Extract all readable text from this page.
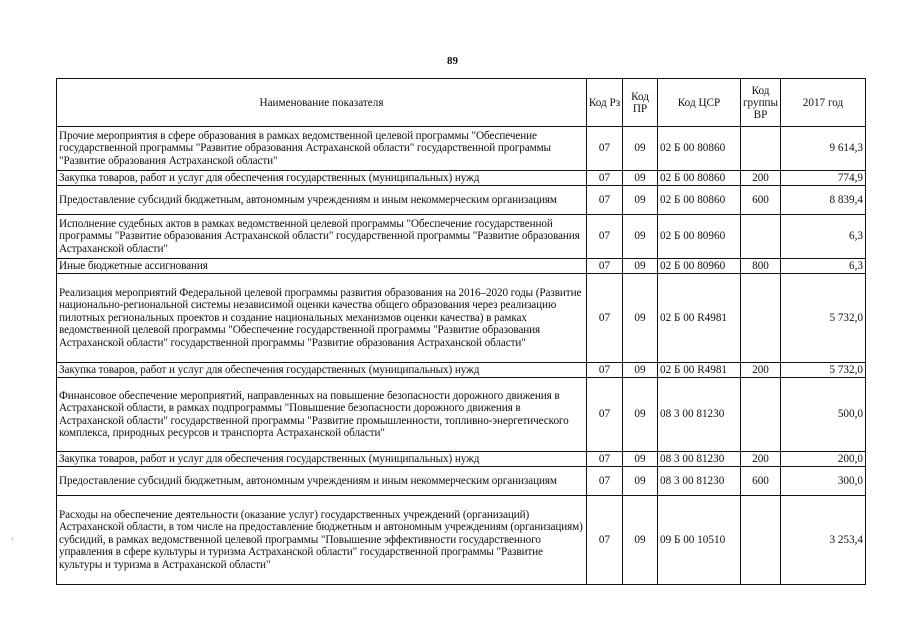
89
·
Наименование показателя	Код Рз	Код ПР	Код ЦСР	Код группы ВР	2017 год
Прочие мероприятия в сфере образования в рамках ведомственной целевой программы "Обеспечение государственной программы "Развитие образования Астраханской области" государственной программы "Развитие образования Астраханской области"	07	09	02 Б 00 80860		9 614,3
Закупка товаров, работ и услуг для обеспечения государственных (муниципальных) нужд	07	09	02 Б 00 80860	200	774,9
Предоставление субсидий бюджетным, автономным учреждениям и иным некоммерческим организациям	07	09	02 Б 00 80860	600	8 839,4
Исполнение судебных актов в рамках ведомственной целевой программы "Обеспечение государственной программы "Развитие образования Астраханской области" государственной программы "Развитие образования Астраханской области"	07	09	02 Б 00 80960		6,3
Иные бюджетные ассигнования	07	09	02 Б 00 80960	800	6,3
Реализация мероприятий Федеральной целевой программы развития образования на 2016–2020 годы (Развитие национально-региональной системы независимой оценки качества общего образования через реализацию пилотных региональных проектов и создание национальных механизмов оценки качества) в рамках ведомственной целевой программы "Обеспечение государственной программы "Развитие образования Астраханской области" государственной программы "Развитие образования Астраханской области"	07	09	02 Б 00 R4981		5 732,0
Закупка товаров, работ и услуг для обеспечения государственных (муниципальных) нужд	07	09	02 Б 00 R4981	200	5 732,0
Финансовое обеспечение мероприятий, направленных на повышение безопасности дорожного движения в Астраханской области, в рамках подпрограммы "Повышение безопасности дорожного движения в Астраханской области" государственной программы "Развитие промышленности, топливно-энергетического комплекса, природных ресурсов и транспорта Астраханской области"	07	09	08 3 00 81230		500,0
Закупка товаров, работ и услуг для обеспечения государственных (муниципальных) нужд	07	09	08 3 00 81230	200	200,0
Предоставление субсидий бюджетным, автономным учреждениям и иным некоммерческим организациям	07	09	08 3 00 81230	600	300,0
Расходы на обеспечение деятельности (оказание услуг) государственных учреждений (организаций) Астраханской области, в том числе на предоставление бюджетным и автономным учреждениям (организациям) субсидий, в рамках ведомственной целевой программы "Повышение эффективности государственного управления в сфере культуры и туризма Астраханской области" государственной программы "Развитие культуры и туризма в Астраханской области"	07	09	09 Б 00 10510		3 253,4
